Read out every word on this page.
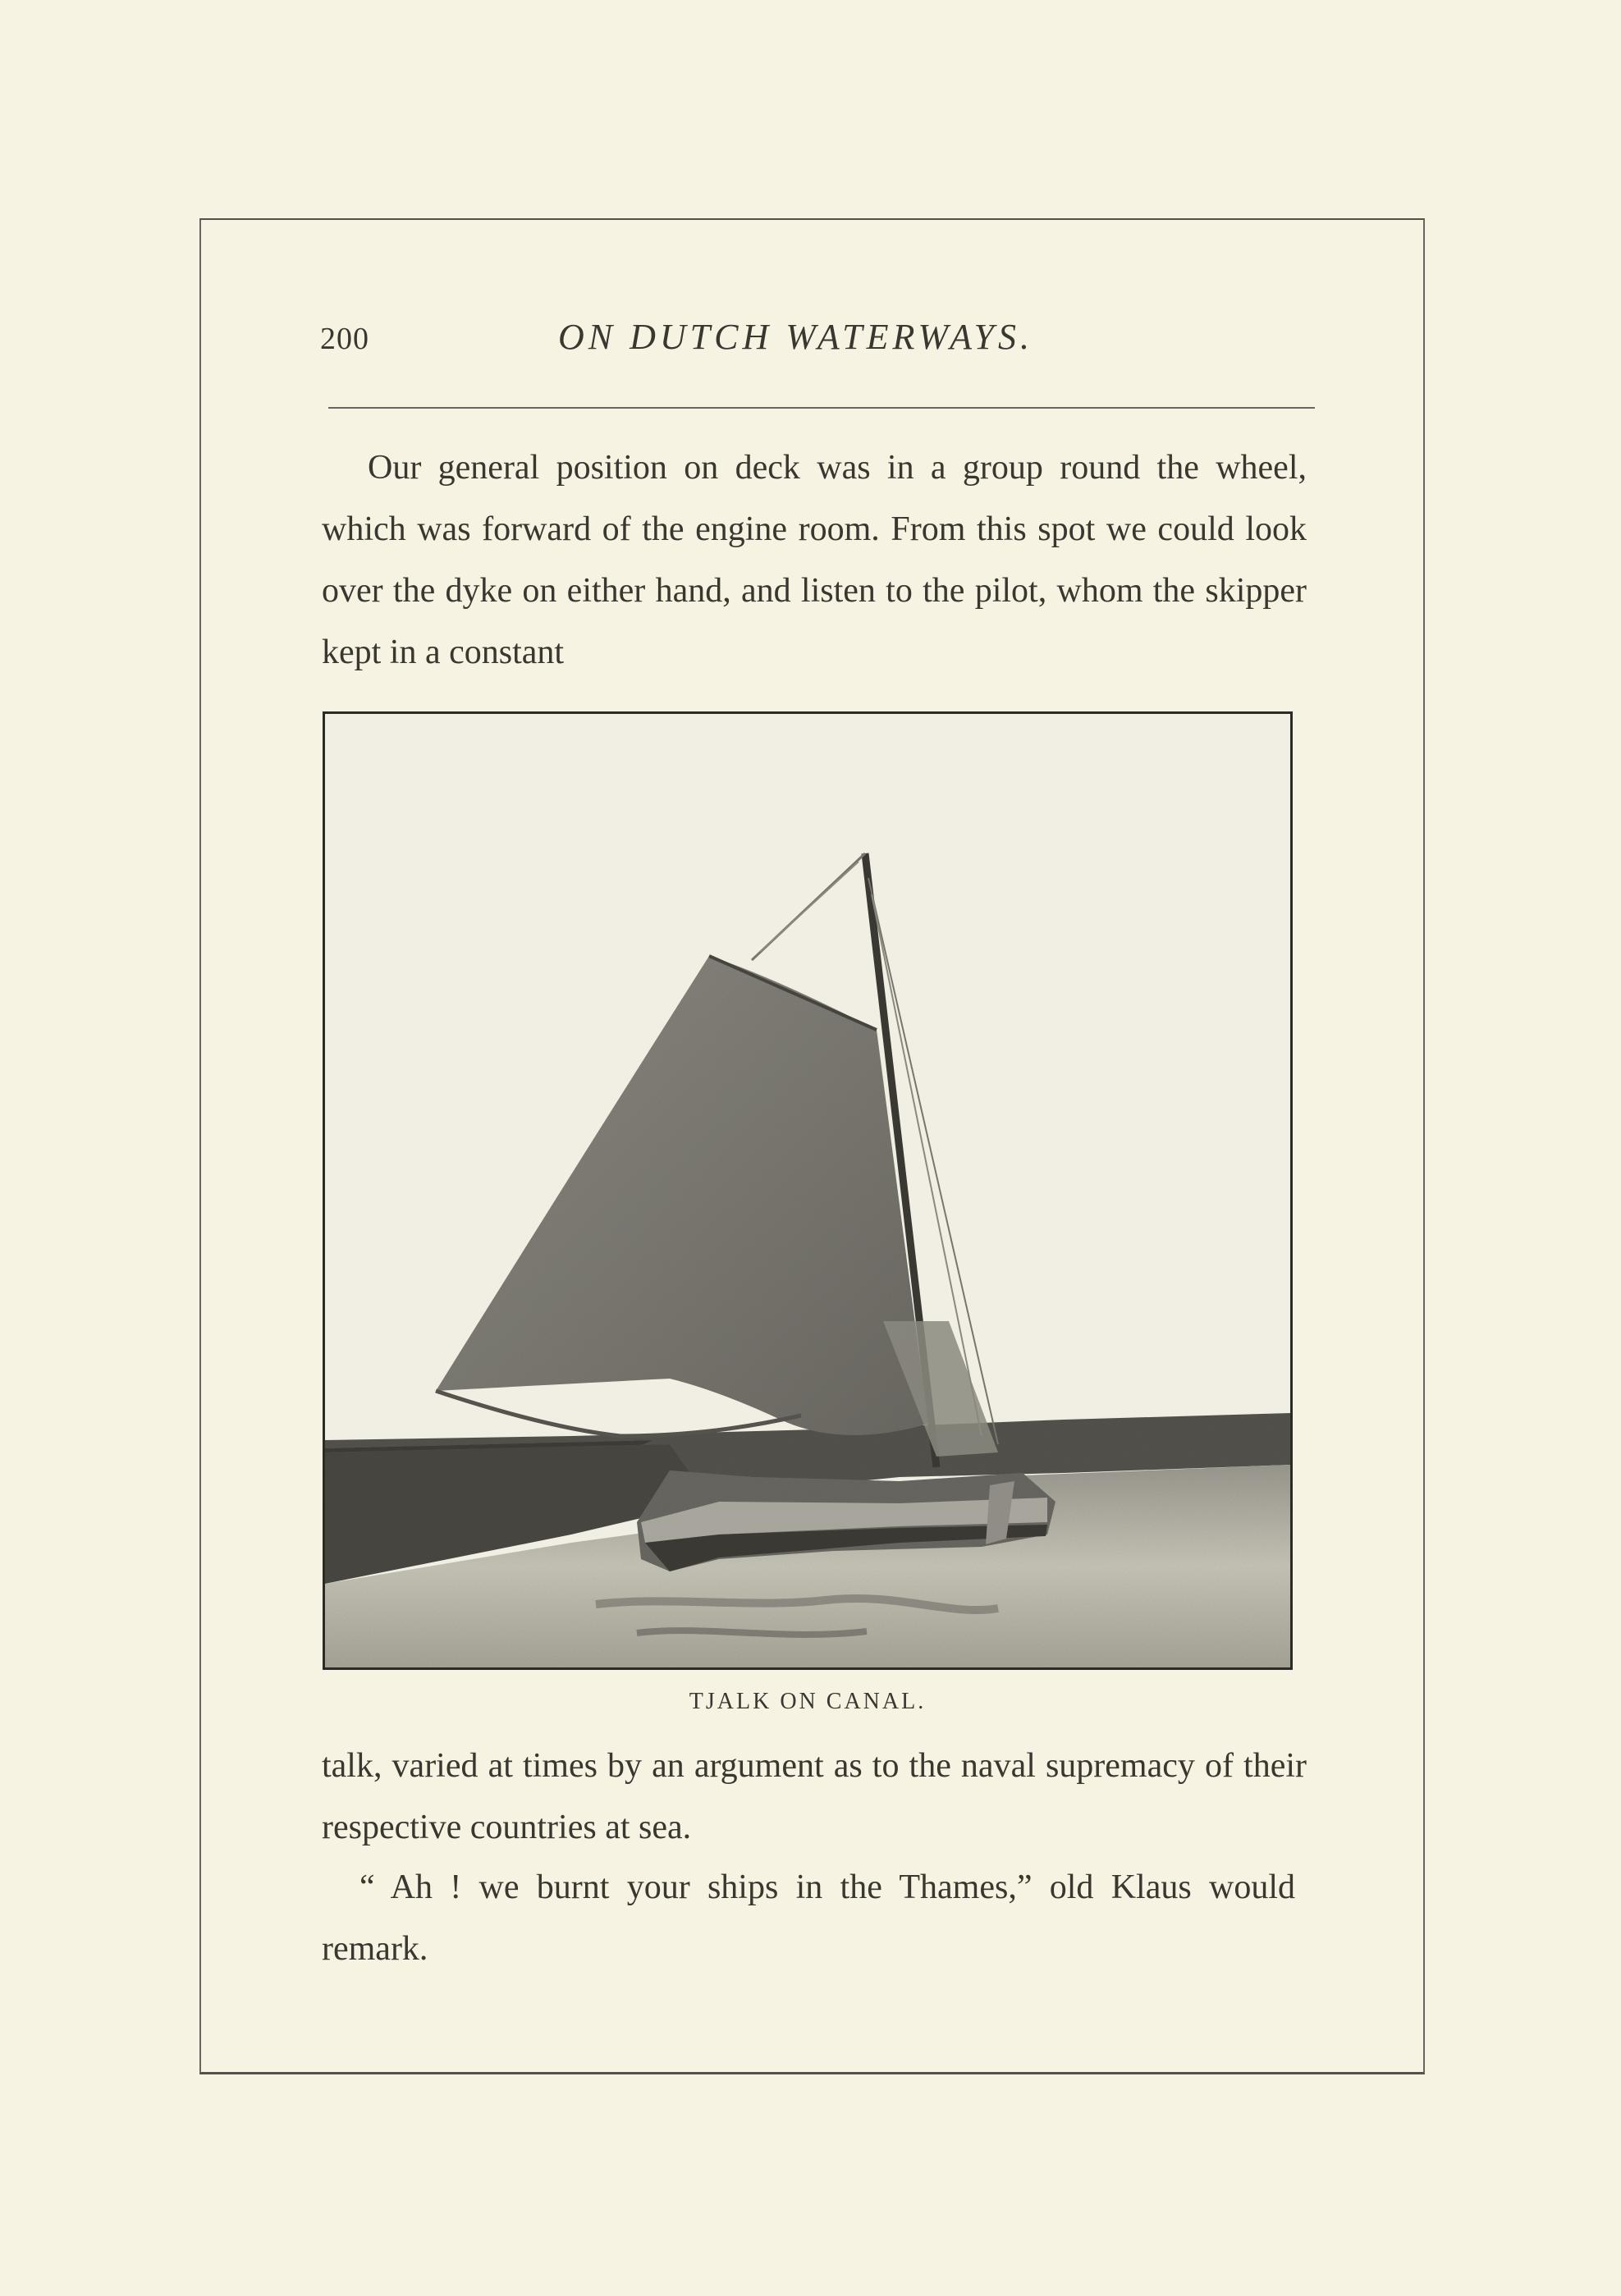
200	ON DUTCH WATERWAYS.

Our general position on deck was in a group round the wheel, which was forward of the engine room. From this spot we could look over the dyke on either hand, and listen to the pilot, whom the skipper kept in a constant

TJALK ON CANAL.

talk, varied at times by an argument as to the naval supremacy of their respective countries at sea.

“ Ah ! we burnt your ships in the Thames,” old Klaus would remark.
